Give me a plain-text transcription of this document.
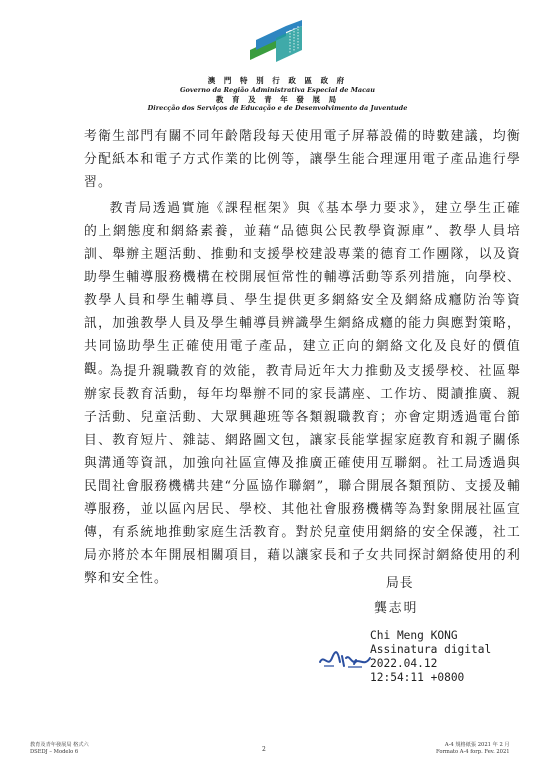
澳 門 特 別 行 政 區 政 府
Governo da Região Administrativa Especial de Macau
教 育 及 青 年 發 展 局
Direcção dos Serviços de Educação e de Desenvolvimento da Juventude

考衛生部門有關不同年齡階段每天使用電子屏幕設備的時數建議，均衡分配紙本和電子方式作業的比例等，讓學生能合理運用電子產品進行學習。

教青局透過實施《課程框架》與《基本學力要求》，建立學生正確的上網態度和網絡素養，並藉“品德與公民教學資源庫”、教學人員培訓、舉辦主題活動、推動和支援學校建設專業的德育工作團隊，以及資助學生輔導服務機構在校開展恒常性的輔導活動等系列措施，向學校、教學人員和學生輔導員、學生提供更多網絡安全及網絡成癮防治等資訊，加強教學人員及學生輔導員辨識學生網絡成癮的能力與應對策略，共同協助學生正確使用電子產品，建立正向的網絡文化及良好的價值觀。

為提升親職教育的效能，教青局近年大力推動及支援學校、社區舉辦家長教育活動，每年均舉辦不同的家長講座、工作坊、閱讀推廣、親子活動、兒童活動、大眾興趣班等各類親職教育；亦會定期透過電台節目、教育短片、雜誌、網路圖文包，讓家長能掌握家庭教育和親子關係與溝通等資訊，加強向社區宣傳及推廣正確使用互聯網。社工局透過與民間社會服務機構共建“分區協作聯網”，聯合開展各類預防、支援及輔導服務，並以區內居民、學校、其他社會服務機構等為對象開展社區宣傳，有系統地推動家庭生活教育。對於兒童使用網絡的安全保護，社工局亦將於本年開展相關項目，藉以讓家長和子女共同探討網絡使用的利弊和安全性。	局長
龔志明
Chi Meng KONG
Assinatura digital
2022.04.12
12:54:11 +0800
教育及青年發展局 格式六
DSEDJ – Modelo 6	2
A-4 規格紙張 2021 年 2 月
Formato A-4 forp. Fev. 2021
